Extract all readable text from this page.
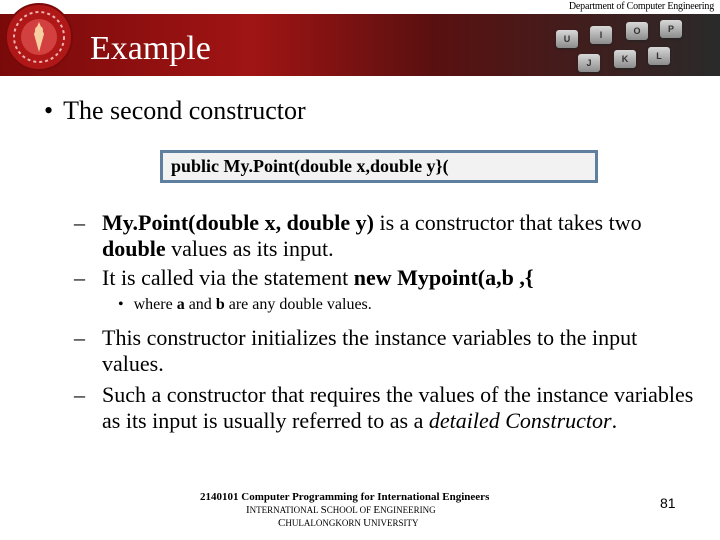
Department of Computer Engineering
U	I	O	P
J	K	L
Example
• The second constructor
public My.Point(double x,double y}(
– My.Point(double x, double y) is a constructor that takes two double values as its input.
– It is called via the statement new Mypoint(a,b ,{
• where a and b are any double values.
– This constructor initializes the instance variables to the input values.
– Such a constructor that requires the values of the instance variables as its input is usually referred to as a detailed Constructor.
2140101 Computer Programming for International Engineers
INTERNATIONAL SCHOOL OF ENGINEERING
CHULALONGKORN UNIVERSITY
81
